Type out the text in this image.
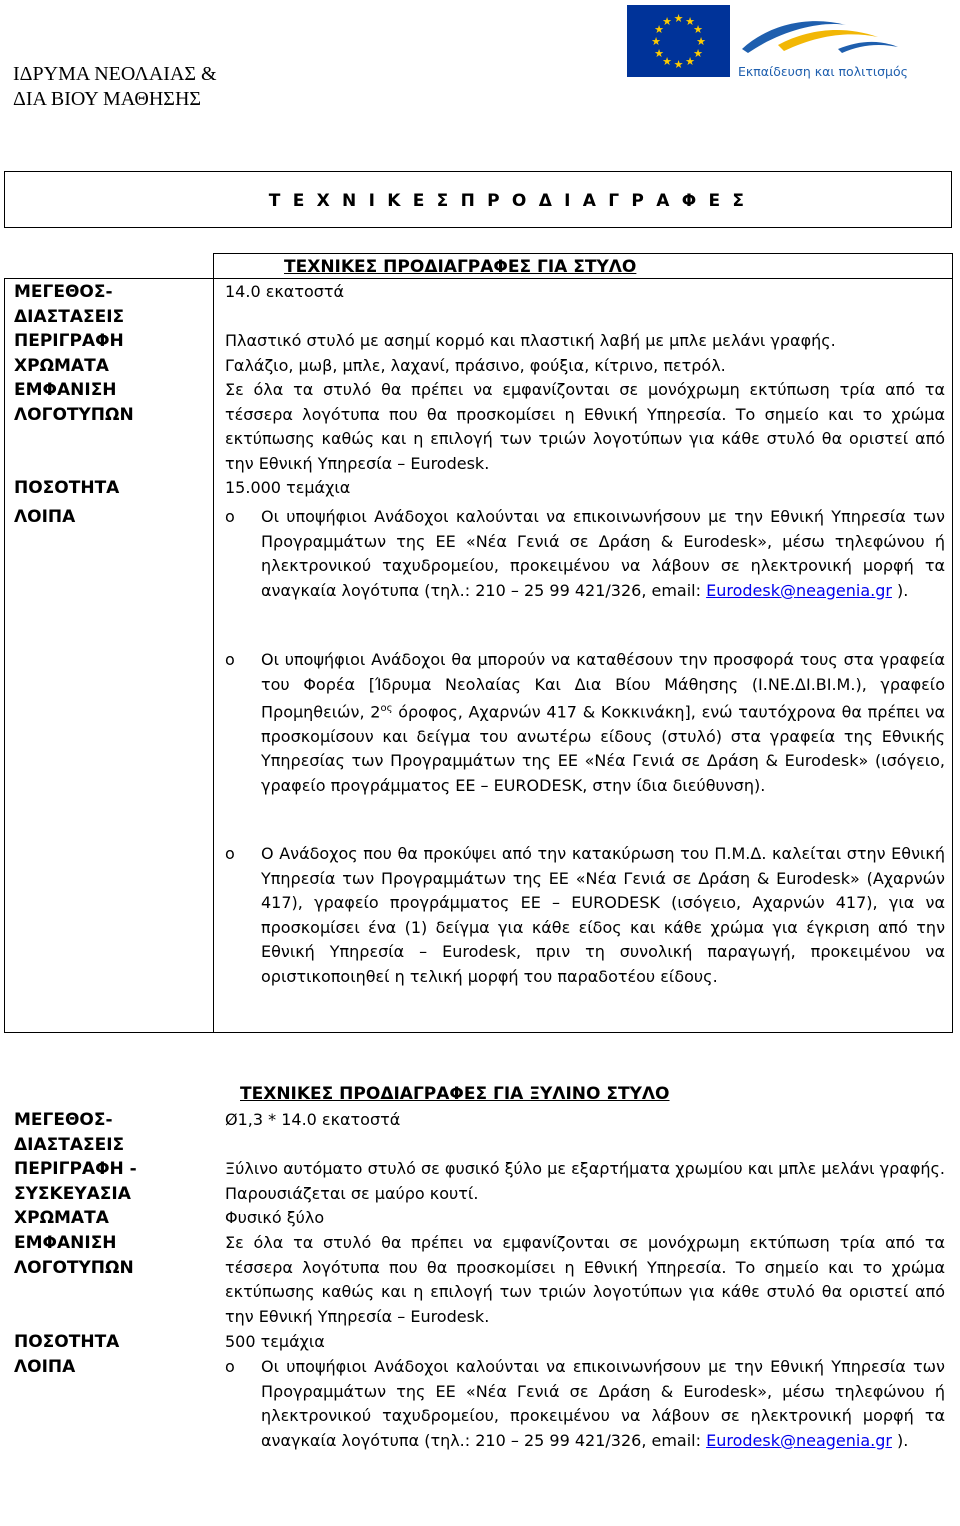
ΙΔΡΥΜΑ ΝΕΟΛΑΙΑΣ &
ΔΙΑ ΒΙΟΥ ΜΑΘΗΣΗΣ
★ ★
★
★
★
★
★
★
★
★
★
★
Εκπαίδευση και πολιτισμός
Τ Ε Χ Ν Ι Κ Ε Σ Π Ρ Ο Δ Ι Α Γ Ρ Α Φ Ε Σ
ΤΕΧΝΙΚΕΣ ΠΡΟΔΙΑΓΡΑΦΕΣ ΓΙΑ ΣΤΥΛΟ
ΜΕΓΕΘΟΣ-
ΔΙΑΣΤΑΣΕΙΣ
ΠΕΡΙΓΡΑΦΗ
ΧΡΩΜΑΤΑ
ΕΜΦΑΝΙΣΗ
ΛΟΓΟΤΥΠΩΝ
ΠΟΣΟΤΗΤΑ
ΛΟΙΠΑ
14.0 εκατοστά
Πλαστικό στυλό με ασημί κορμό και πλαστική λαβή με μπλε μελάνι γραφής.
Γαλάζιο, μωβ, μπλε, λαχανί, πράσινο, φούξια, κίτρινο, πετρόλ.
Σε όλα τα στυλό θα πρέπει να εμφανίζονται σε μονόχρωμη εκτύπωση τρία από τα τέσσερα λογότυπα που θα προσκομίσει η Εθνική Υπηρεσία. Το σημείο και το χρώμα εκτύπωσης καθώς και η επιλογή των τριών λογοτύπων για κάθε στυλό θα οριστεί από την Εθνική Υπηρεσία – Eurodesk.
15.000 τεμάχια
o Οι υποψήφιοι Ανάδοχοι καλούνται να επικοινωνήσουν με την Εθνική Υπηρεσία των Προγραμμάτων της ΕΕ «Νέα Γενιά σε Δράση & Eurodesk», μέσω τηλεφώνου ή ηλεκτρονικού ταχυδρομείου, προκειμένου να λάβουν σε ηλεκτρονική μορφή τα αναγκαία λογότυπα (τηλ.: 210 – 25 99 421/326, email: Eurodesk@neagenia.gr ).
o Οι υποψήφιοι Ανάδοχοι θα μπορούν να καταθέσουν την προσφορά τους στα γραφεία του Φορέα [Ίδρυμα Νεολαίας Και Δια Βίου Μάθησης (Ι.ΝΕ.ΔΙ.ΒΙ.Μ.), γραφείο Προμηθειών, $2^{o\varsigma}$ όροφος, Αχαρνών 417 & Κοκκινάκη], ενώ ταυτόχρονα θα πρέπει να προσκομίσουν και δείγμα του ανωτέρω είδους (στυλό) στα γραφεία της Εθνικής Υπηρεσίας των Προγραμμάτων της ΕΕ «Νέα Γενιά σε Δράση & Eurodesk» (ισόγειο, γραφείο προγράμματος ΕΕ – EURODESK, στην ίδια διεύθυνση).
o Ο Ανάδοχος που θα προκύψει από την κατακύρωση του Π.Μ.Δ. καλείται στην Εθνική Υπηρεσία των Προγραμμάτων της ΕΕ «Νέα Γενιά σε Δράση & Eurodesk» (Αχαρνών 417), γραφείο προγράμματος ΕΕ – EURODESK (ισόγειο, Αχαρνών 417), για να προσκομίσει ένα (1) δείγμα για κάθε είδος και κάθε χρώμα για έγκριση από την Εθνική Υπηρεσία – Eurodesk, πριν τη συνολική παραγωγή, προκειμένου να οριστικοποιηθεί η τελική μορφή του παραδοτέου είδους.
ΤΕΧΝΙΚΕΣ ΠΡΟΔΙΑΓΡΑΦΕΣ ΓΙΑ ΞΥΛΙΝΟ ΣΤΥΛΟ
ΜΕΓΕΘΟΣ-
ΔΙΑΣΤΑΣΕΙΣ
ΠΕΡΙΓΡΑΦΗ -
ΣΥΣΚΕΥΑΣΙΑ
ΧΡΩΜΑΤΑ
ΕΜΦΑΝΙΣΗ
ΛΟΓΟΤΥΠΩΝ
ΠΟΣΟΤΗΤΑ
ΛΟΙΠΑ
Ø1,3 * 14.0 εκατοστά
Ξύλινο αυτόματο στυλό σε φυσικό ξύλο με εξαρτήματα χρωμίου και μπλε μελάνι γραφής. Παρουσιάζεται σε μαύρο κουτί.
Φυσικό ξύλο
Σε όλα τα στυλό θα πρέπει να εμφανίζονται σε μονόχρωμη εκτύπωση τρία από τα τέσσερα λογότυπα που θα προσκομίσει η Εθνική Υπηρεσία. Το σημείο και το χρώμα εκτύπωσης καθώς και η επιλογή των τριών λογοτύπων για κάθε στυλό θα οριστεί από την Εθνική Υπηρεσία – Eurodesk.
500 τεμάχια
o Οι υποψήφιοι Ανάδοχοι καλούνται να επικοινωνήσουν με την Εθνική Υπηρεσία των Προγραμμάτων της ΕΕ «Νέα Γενιά σε Δράση & Eurodesk», μέσω τηλεφώνου ή ηλεκτρονικού ταχυδρομείου, προκειμένου να λάβουν σε ηλεκτρονική μορφή τα αναγκαία λογότυπα (τηλ.: 210 – 25 99 421/326, email: Eurodesk@neagenia.gr ).
